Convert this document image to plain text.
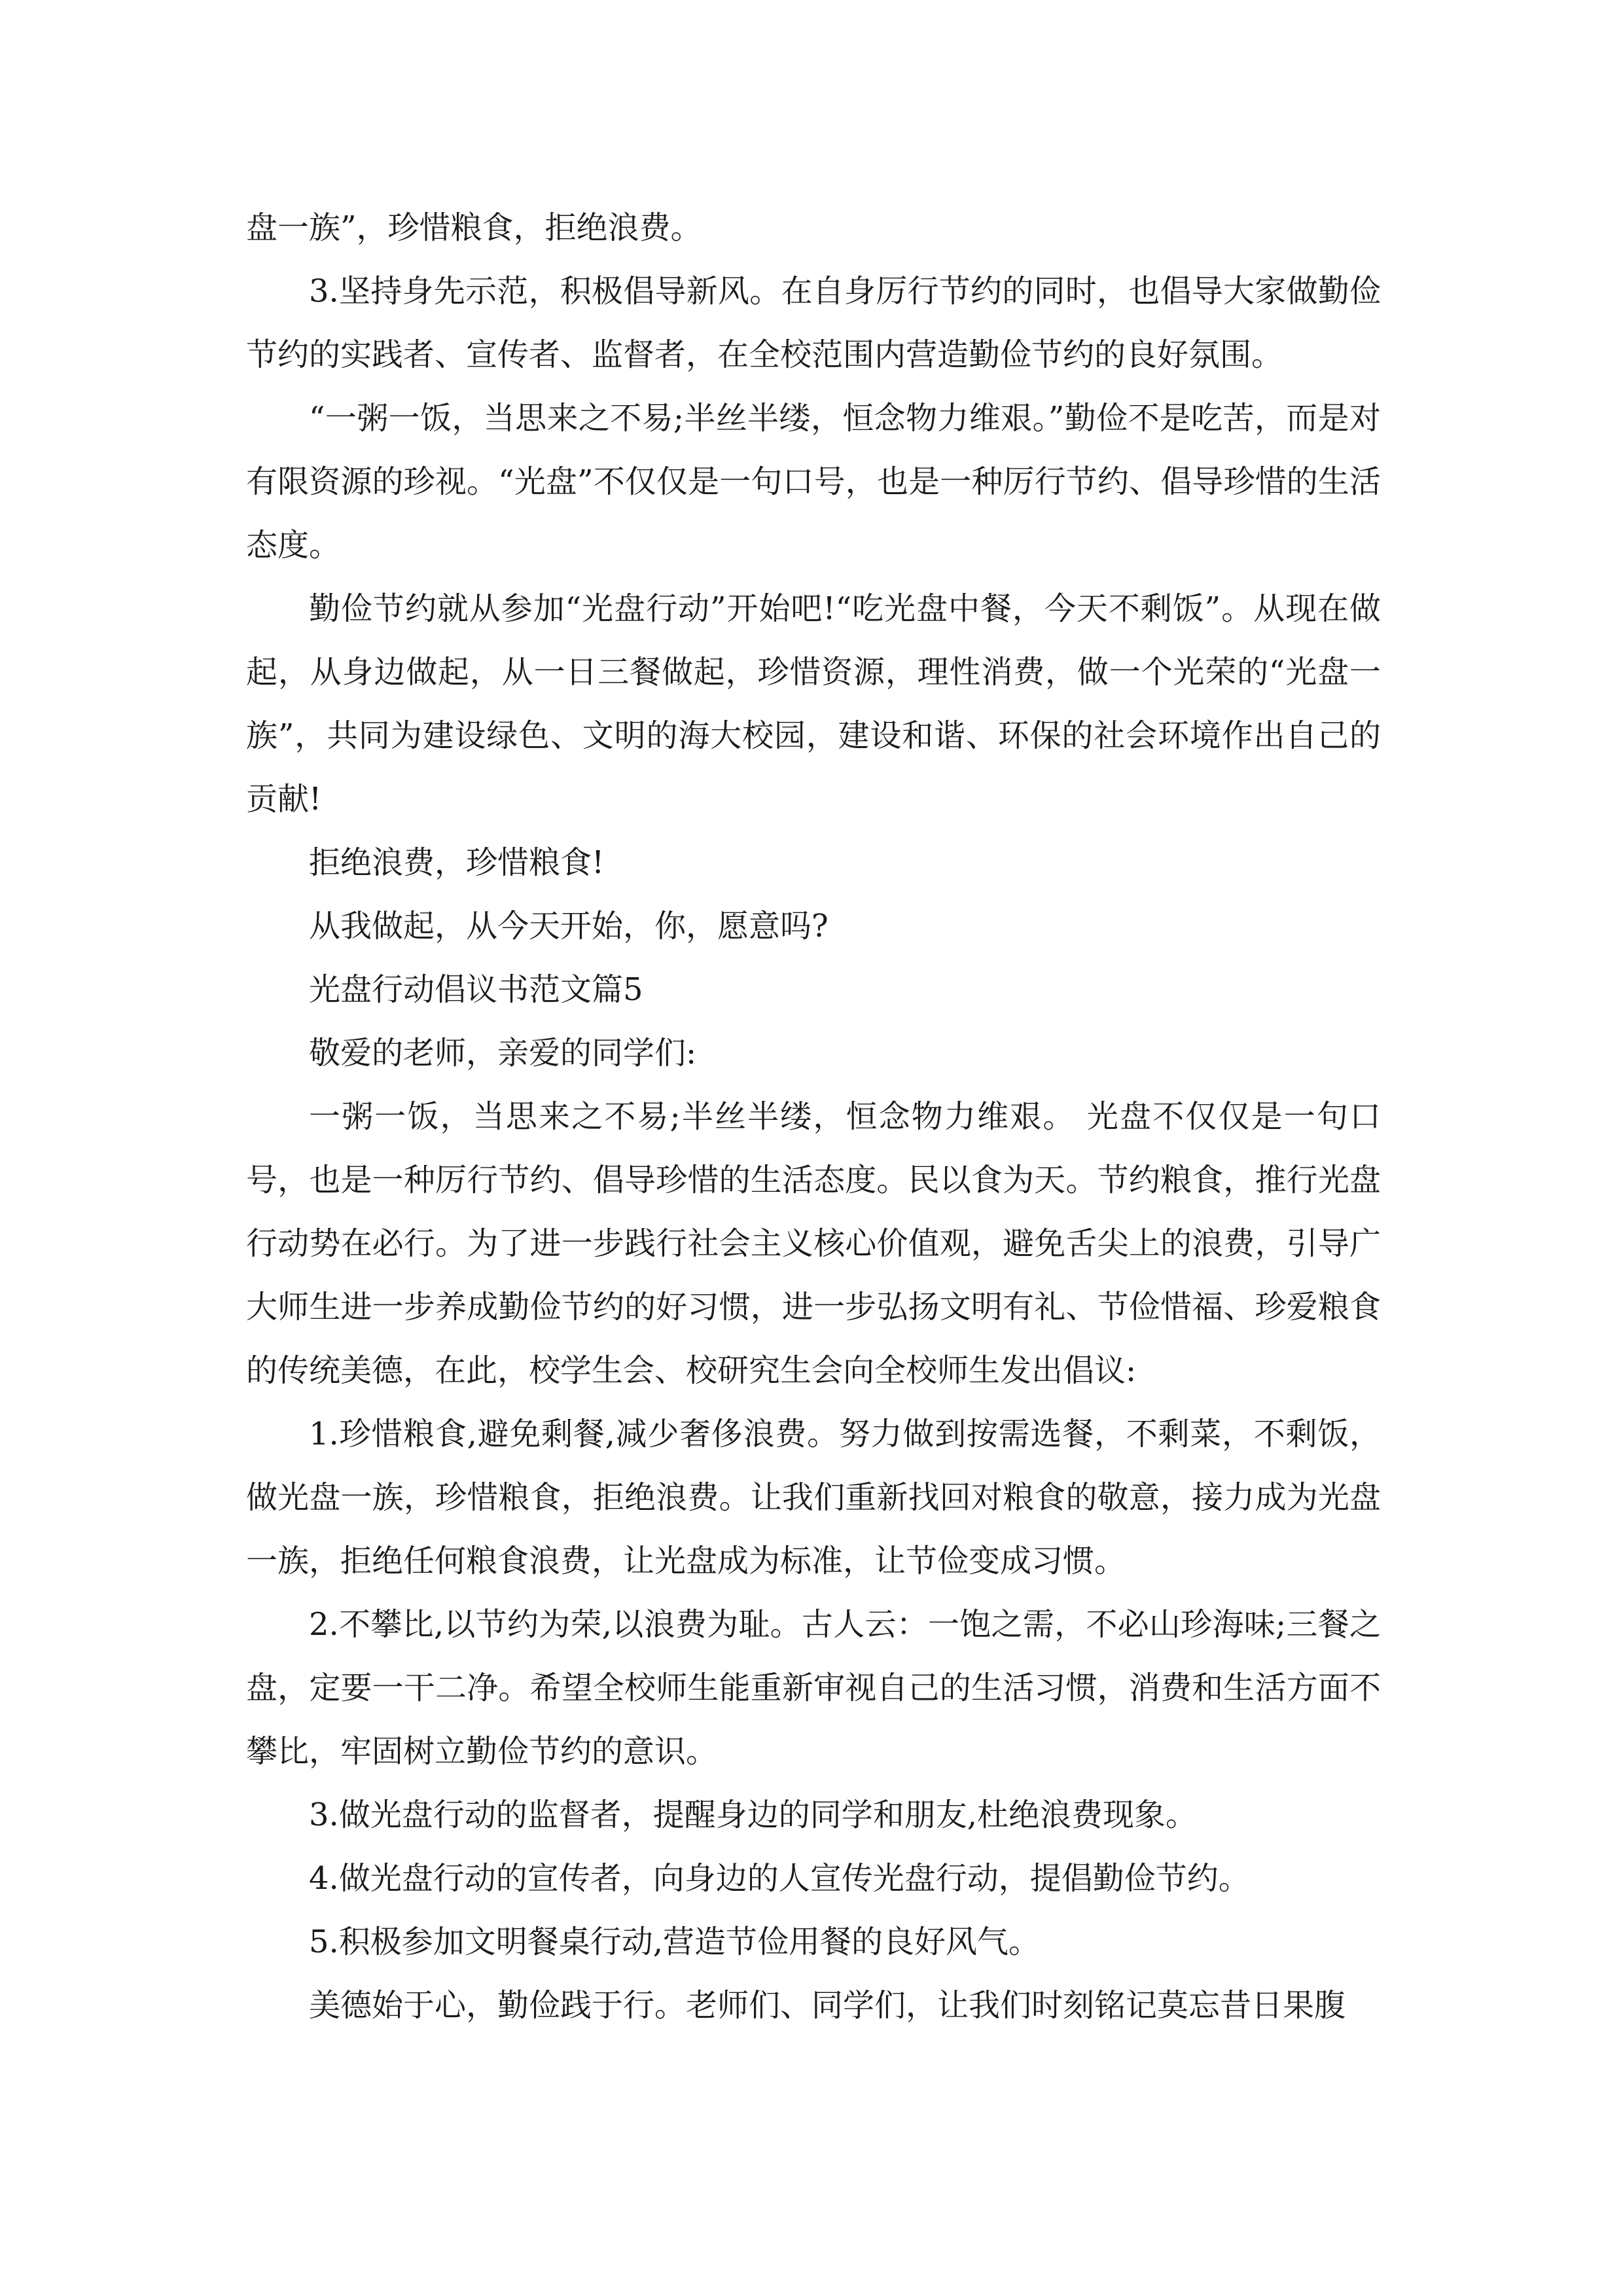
盘一族”，珍惜粮食，拒绝浪费。

3.坚持身先示范，积极倡导新风。在自身厉行节约的同时，也倡导大家做勤俭节约的实践者、宣传者、监督者，在全校范围内营造勤俭节约的良好氛围。

“一粥一饭，当思来之不易;半丝半缕，恒念物力维艰。”勤俭不是吃苦，而是对有限资源的珍视。“光盘”不仅仅是一句口号，也是一种厉行节约、倡导珍惜的生活态度。

勤俭节约就从参加“光盘行动”开始吧!“吃光盘中餐，今天不剩饭”。从现在做起，从身边做起，从一日三餐做起，珍惜资源，理性消费，做一个光荣的“光盘一族”，共同为建设绿色、文明的海大校园，建设和谐、环保的社会环境作出自己的贡献!

拒绝浪费，珍惜粮食!

从我做起，从今天开始，你，愿意吗?

光盘行动倡议书范文篇5

敬爱的老师，亲爱的同学们:

一粥一饭，当思来之不易;半丝半缕，恒念物力维艰。 光盘不仅仅是一句口号，也是一种厉行节约、倡导珍惜的生活态度。民以食为天。节约粮食，推行光盘行动势在必行。为了进一步践行社会主义核心价值观，避免舌尖上的浪费，引导广大师生进一步养成勤俭节约的好习惯，进一步弘扬文明有礼、节俭惜福、珍爱粮食的传统美德，在此，校学生会、校研究生会向全校师生发出倡议:

1.珍惜粮食,避免剩餐,减少奢侈浪费。努力做到按需选餐，不剩菜，不剩饭，做光盘一族，珍惜粮食，拒绝浪费。让我们重新找回对粮食的敬意，接力成为光盘一族，拒绝任何粮食浪费，让光盘成为标准，让节俭变成习惯。

2.不攀比,以节约为荣,以浪费为耻。古人云：一饱之需，不必山珍海味;三餐之盘，定要一干二净。希望全校师生能重新审视自己的生活习惯，消费和生活方面不攀比，牢固树立勤俭节约的意识。

3.做光盘行动的监督者，提醒身边的同学和朋友,杜绝浪费现象。

4.做光盘行动的宣传者，向身边的人宣传光盘行动，提倡勤俭节约。

5.积极参加文明餐桌行动,营造节俭用餐的良好风气。

美德始于心，勤俭践于行。老师们、同学们，让我们时刻铭记莫忘昔日果腹
